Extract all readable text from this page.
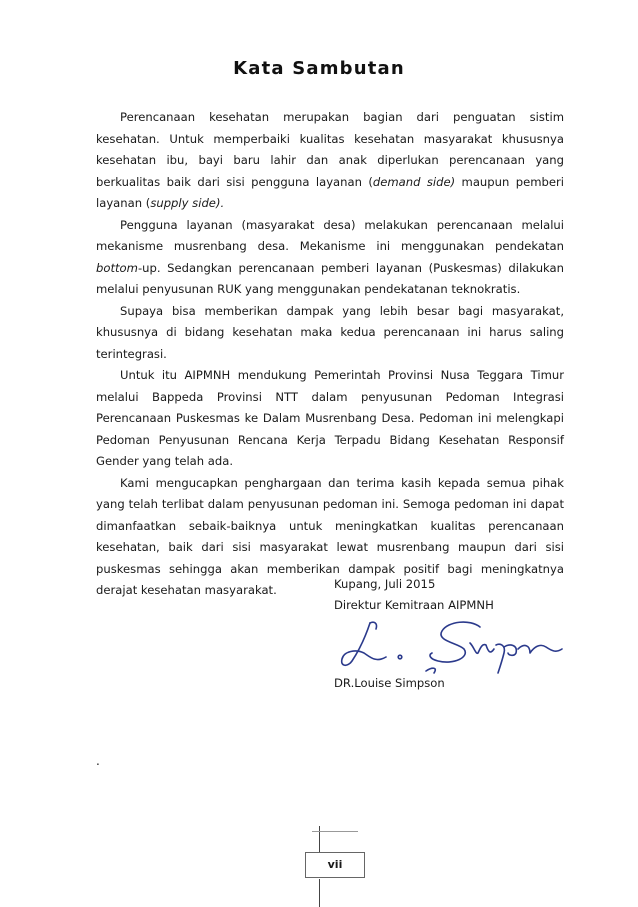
Kata Sambutan

Perencanaan kesehatan merupakan bagian dari penguatan sistim kesehatan. Untuk memperbaiki kualitas kesehatan masyarakat khususnya kesehatan ibu, bayi baru lahir dan anak diperlukan perencanaan yang berkualitas baik dari sisi pengguna layanan (demand side) maupun pemberi layanan (supply side).

Pengguna layanan (masyarakat desa) melakukan perencanaan melalui mekanisme musrenbang desa. Mekanisme ini menggunakan pendekatan bottom-up. Sedangkan perencanaan pemberi layanan (Puskesmas) dilakukan melalui penyusunan RUK yang menggunakan pendekatanan teknokratis.

Supaya bisa memberikan dampak yang lebih besar bagi masyarakat, khususnya di bidang kesehatan maka kedua perencanaan ini harus saling terintegrasi.

Untuk itu AIPMNH mendukung Pemerintah Provinsi Nusa Teggara Timur melalui Bappeda Provinsi NTT dalam penyusunan Pedoman Integrasi Perencanaan Puskesmas ke Dalam Musrenbang Desa. Pedoman ini melengkapi Pedoman Penyusunan Rencana Kerja Terpadu Bidang Kesehatan Responsif Gender yang telah ada.

Kami mengucapkan penghargaan dan terima kasih kepada semua pihak yang telah terlibat dalam penyusunan pedoman ini. Semoga pedoman ini dapat dimanfaatkan sebaik-baiknya untuk meningkatkan kualitas perencanaan kesehatan, baik dari sisi masyarakat lewat musrenbang maupun dari sisi puskesmas sehingga akan memberikan dampak positif bagi meningkatnya derajat kesehatan masyarakat.	Kupang, Juli 2015
Direktur Kemitraan AIPMNH
DR.Louise Simpson
.
vii
